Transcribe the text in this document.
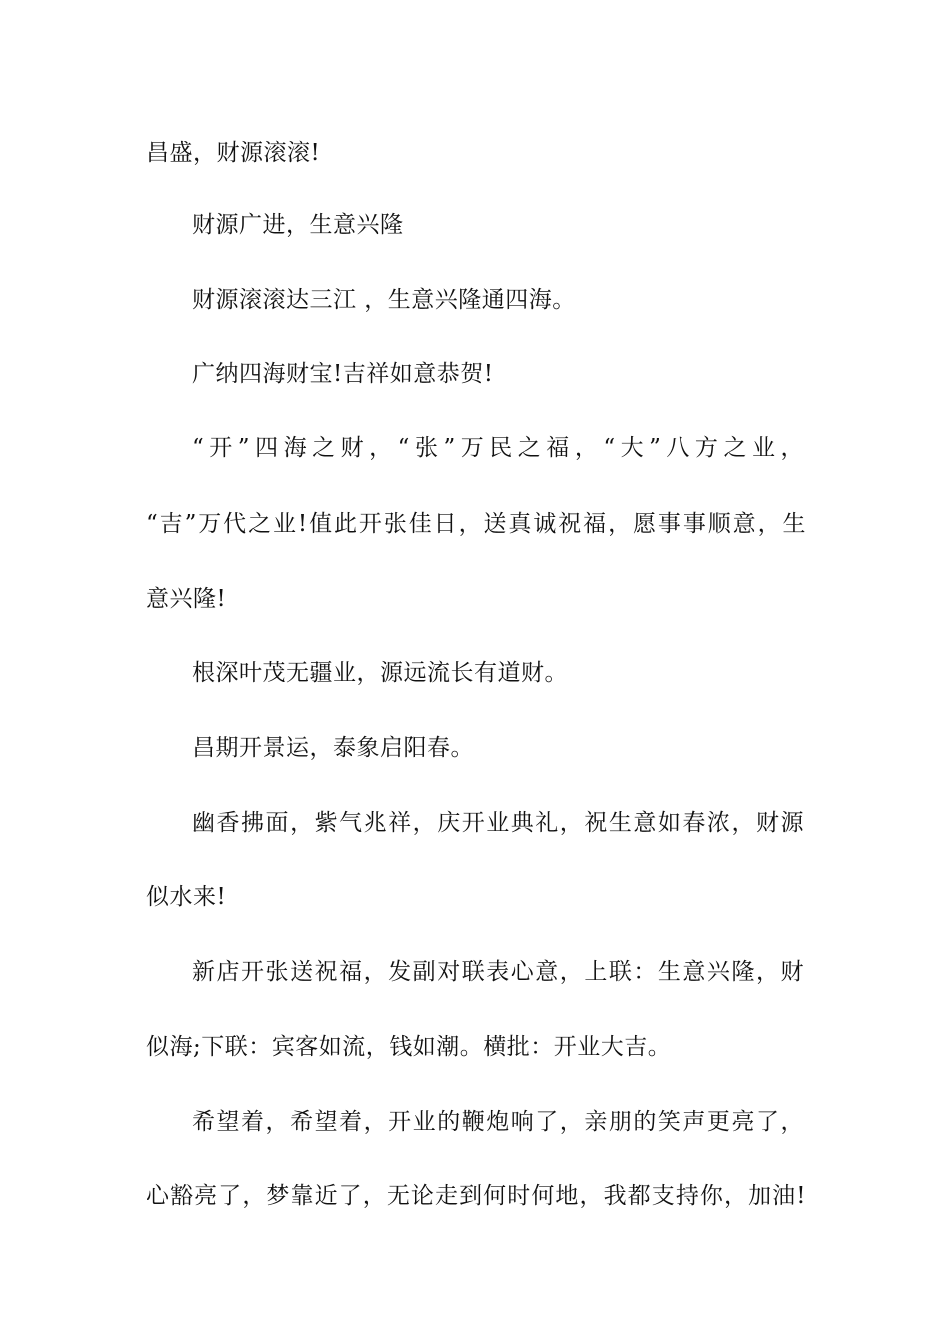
昌盛，财源滚滚!
财源广进，生意兴隆
财源滚滚达三江 ，生意兴隆通四海。
广纳四海财宝!吉祥如意恭贺!
“开”四海之财，“张”万民之福，“大”八方之业，
“吉”万代之业!值此开张佳日，送真诚祝福，愿事事顺意，生
意兴隆!
根深叶茂无疆业，源远流长有道财。
昌期开景运，泰象启阳春。
幽香拂面，紫气兆祥，庆开业典礼，祝生意如春浓，财源
似水来!
新店开张送祝福，发副对联表心意，上联：生意兴隆，财
似海;下联：宾客如流，钱如潮。横批：开业大吉。
希望着，希望着，开业的鞭炮响了，亲朋的笑声更亮了，
心豁亮了，梦靠近了，无论走到何时何地，我都支持你，加油!
